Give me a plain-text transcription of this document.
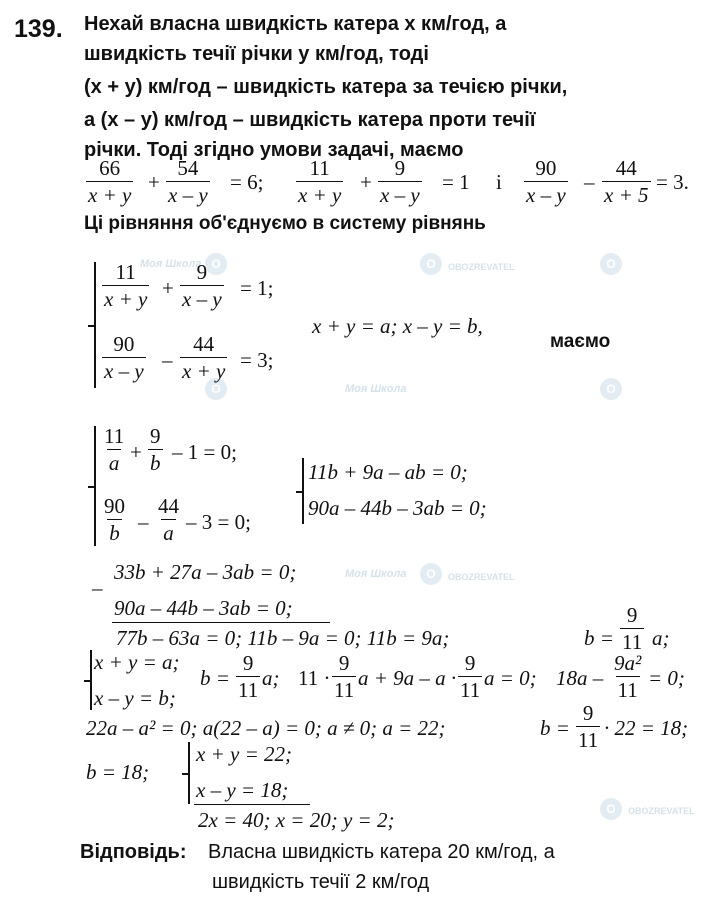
O
Моя Школа	O	OBOZREVATEL	O
O	Моя Школа	O
O
Моя Школа	OBOZREVATEL
O	OBOZREVATEL
139. Нехай власна швидкість катера x км/год, а
швидкість течії річки y км/год, тоді
(x + y) км/год – швидкість катера за течією річки,
а (x – y) км/год – швидкість катера проти течії
річки. Тоді згідно умови задачі, маємо
66
x + y
+
54
x – y
= 6;
11
x + y
+
9
x – y
= 1 і
90
x – y
–
44
x + 5
= 3.
Ці рівняння об'єднуємо в систему рівнянь
11
x + y +
9
x – y = 1;
90
x – y –
44
x + y = 3;
x + y = a; x – y = b,
маємо
11
a +
9
b – 1 = 0;
90
b –
44
a – 3 = 0;
11b + 9a – ab = 0;
90a – 44b – 3ab = 0;
–
33b + 27a – 3ab = 0;
90a – 44b – 3ab = 0;
77b – 63a = 0; 11b – 9a = 0; 11b = 9a;	b =
9
11 a;
x + y = a;
x – y = b;
b =
9
11 a; 11 ·
9
11 a + 9a – a ·
9
11 a = 0; 18a –
9a²
11 = 0;
22a – a² = 0; a(22 – a) = 0; a ≠ 0; a = 22;	b =
9
11 · 22 = 18;
b = 18;
x + y = 22;
x – y = 18;
2x = 40; x = 20; y = 2;
Відповідь: Власна швидкість катера 20 км/год, а
швидкість течії 2 км/год
